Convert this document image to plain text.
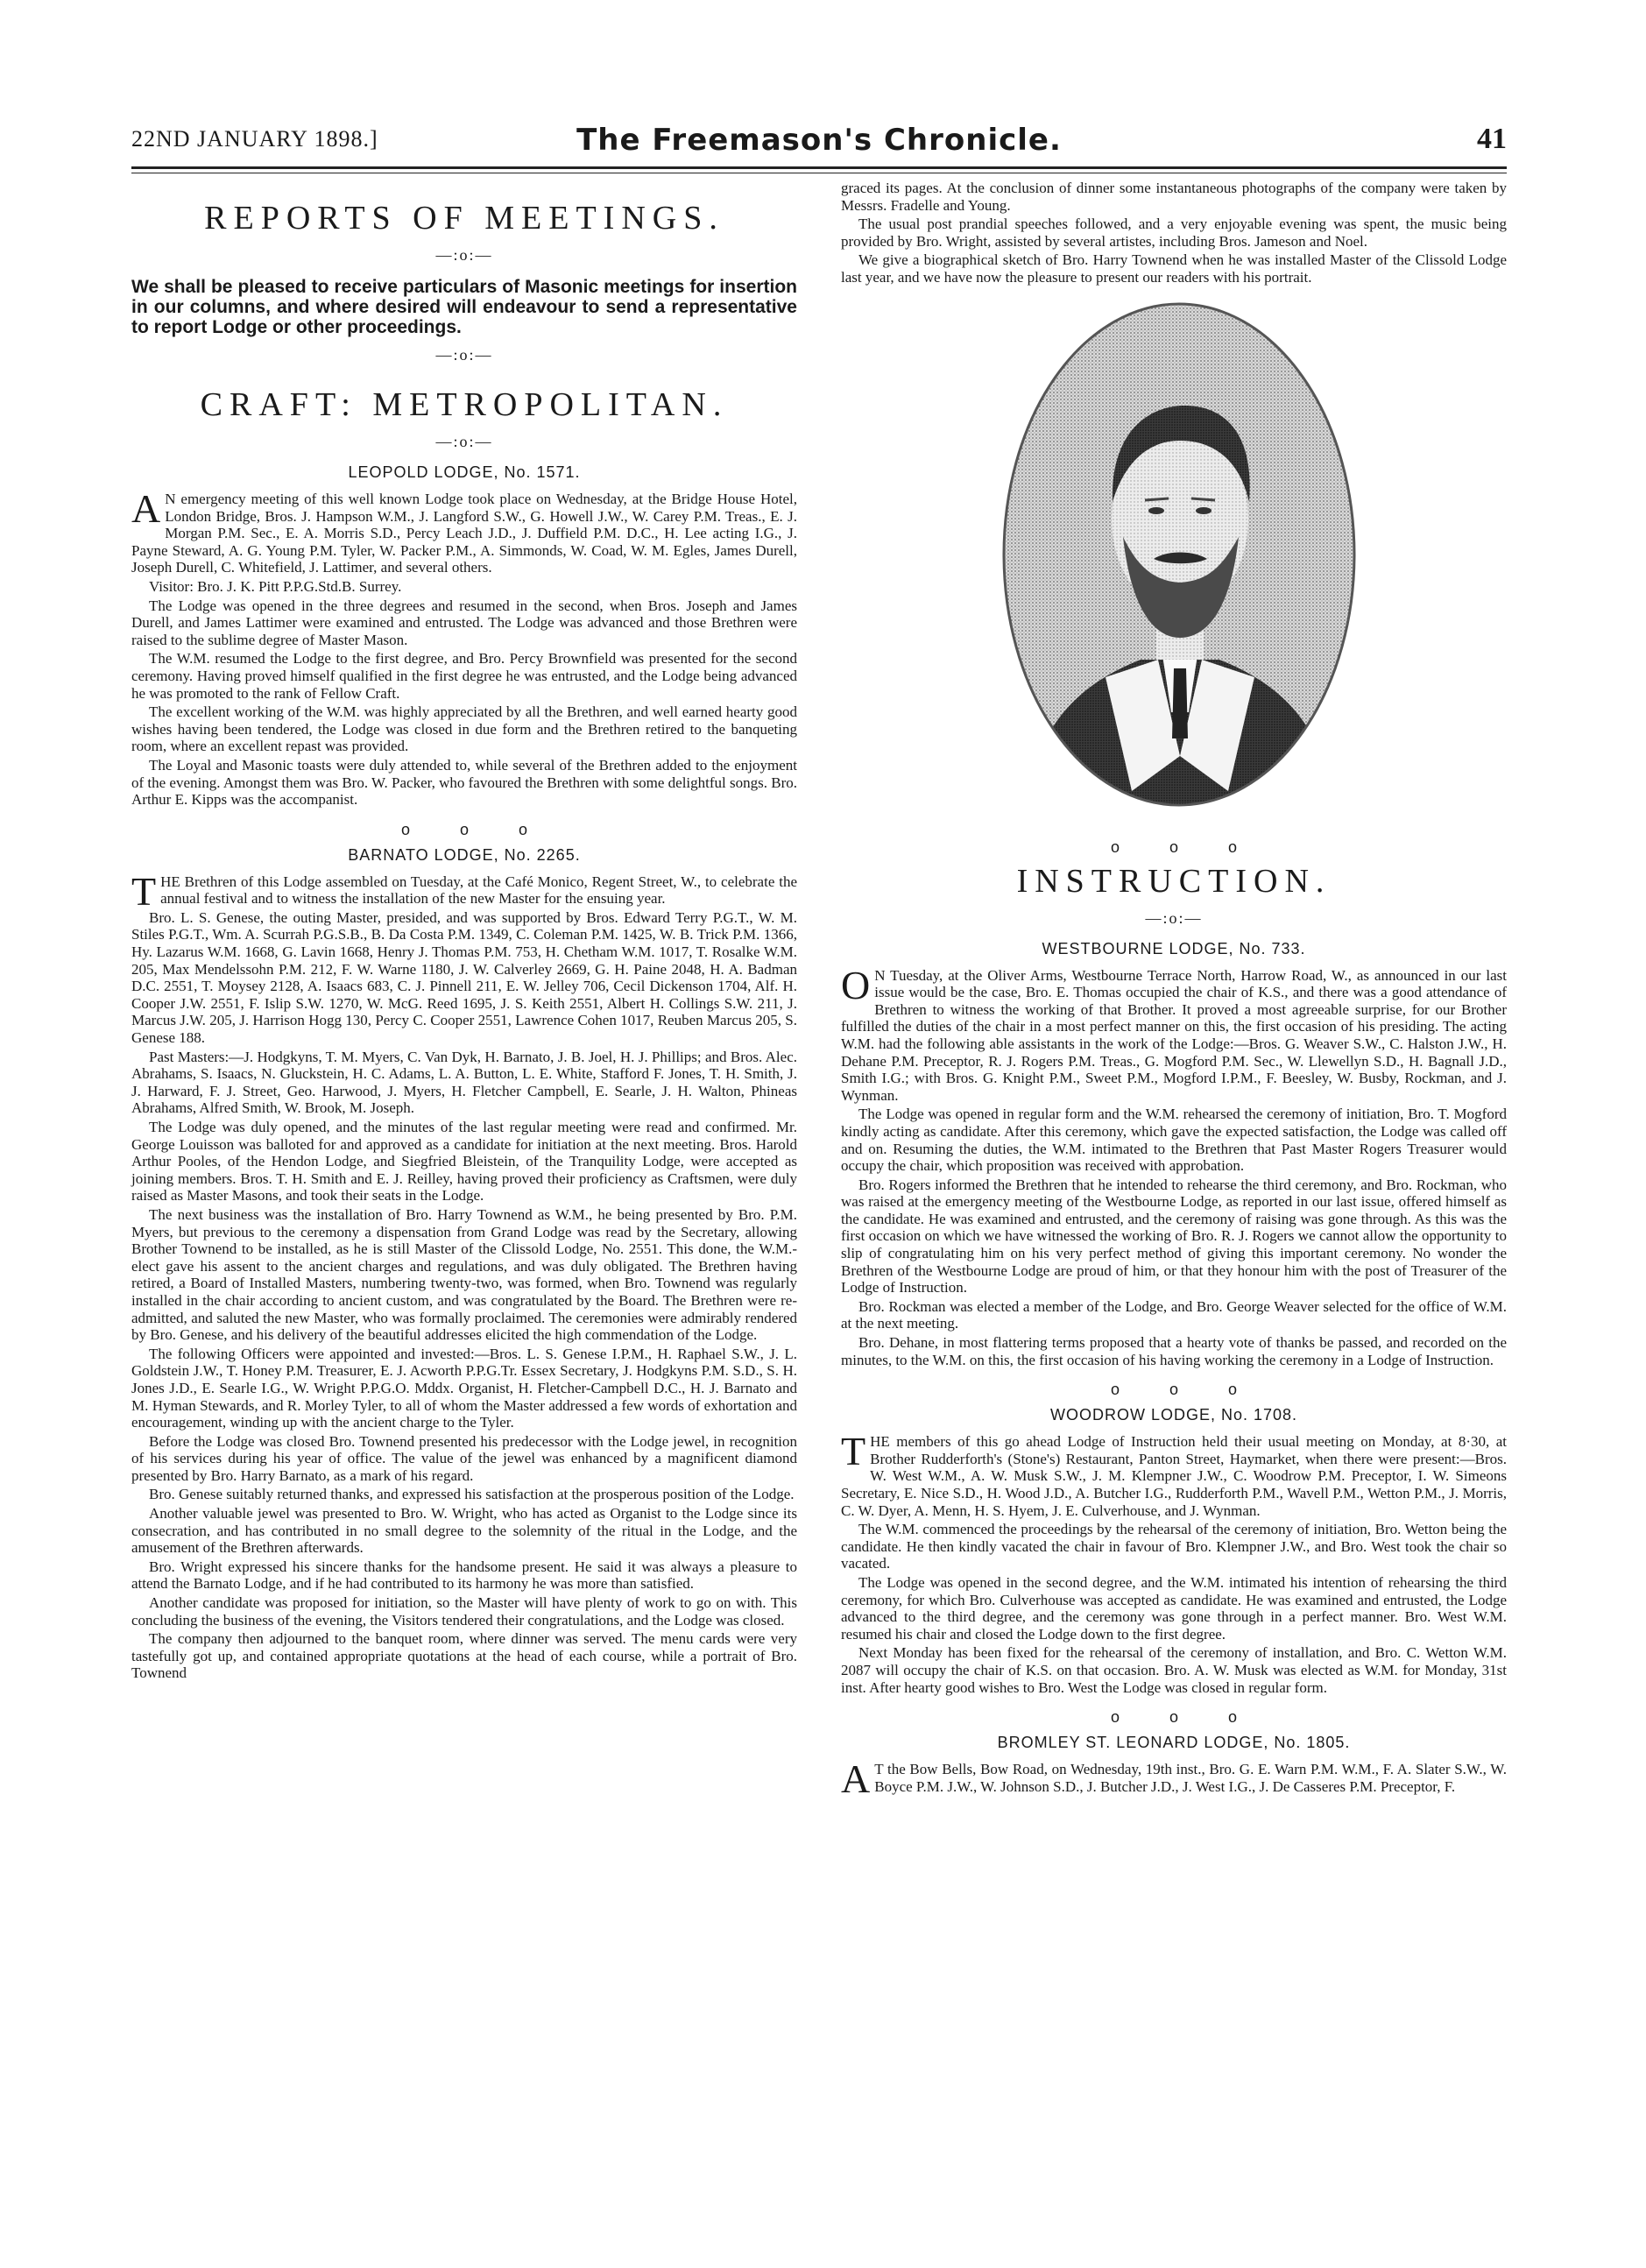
22ND JANUARY 1898.]	The Freemason's Chronicle.	41
REPORTS OF MEETINGS.
—:o:—
We shall be pleased to receive particulars of Masonic meetings for insertion in our columns, and where desired will endeavour to send a representative to report Lodge or other proceedings.
—:o:—
CRAFT: METROPOLITAN.
—:o:—
LEOPOLD LODGE, No. 1571.

A N emergency meeting of this well known Lodge took place on Wednesday, at the Bridge House Hotel, London Bridge, Bros. J. Hampson W.M., J. Langford S.W., G. Howell J.W., W. Carey P.M. Treas., E. J. Morgan P.M. Sec., E. A. Morris S.D., Percy Leach J.D., J. Duffield P.M. D.C., H. Lee acting I.G., J. Payne Steward, A. G. Young P.M. Tyler, W. Packer P.M., A. Simmonds, W. Coad, W. M. Egles, James Durell, Joseph Durell, C. Whitefield, J. Lattimer, and several others.

Visitor: Bro. J. K. Pitt P.P.G.Std.B. Surrey.

The Lodge was opened in the three degrees and resumed in the second, when Bros. Joseph and James Durell, and James Lattimer were examined and entrusted. The Lodge was advanced and those Brethren were raised to the sublime degree of Master Mason.

The W.M. resumed the Lodge to the first degree, and Bro. Percy Brownfield was presented for the second ceremony. Having proved himself qualified in the first degree he was entrusted, and the Lodge being advanced he was promoted to the rank of Fellow Craft.

The excellent working of the W.M. was highly appreciated by all the Brethren, and well earned hearty good wishes having been tendered, the Lodge was closed in due form and the Brethren retired to the banqueting room, where an excellent repast was provided.

The Loyal and Masonic toasts were duly attended to, while several of the Brethren added to the enjoyment of the evening. Amongst them was Bro. W. Packer, who favoured the Brethren with some delightful songs. Bro. Arthur E. Kipps was the accompanist.

o o o
BARNATO LODGE, No. 2265.

THE Brethren of this Lodge assembled on Tuesday, at the Café Monico, Regent Street, W., to celebrate the annual festival and to witness the installation of the new Master for the ensuing year.

Bro. L. S. Genese, the outing Master, presided, and was supported by Bros. Edward Terry P.G.T., W. M. Stiles P.G.T., Wm. A. Scurrah P.G.S.B., B. Da Costa P.M. 1349, C. Coleman P.M. 1425, W. B. Trick P.M. 1366, Hy. Lazarus W.M. 1668, G. Lavin 1668, Henry J. Thomas P.M. 753, H. Chetham W.M. 1017, T. Rosalke W.M. 205, Max Mendelssohn P.M. 212, F. W. Warne 1180, J. W. Calverley 2669, G. H. Paine 2048, H. A. Badman D.C. 2551, T. Moysey 2128, A. Isaacs 683, C. J. Pinnell 211, E. W. Jelley 706, Cecil Dickenson 1704, Alf. H. Cooper J.W. 2551, F. Islip S.W. 1270, W. McG. Reed 1695, J. S. Keith 2551, Albert H. Collings S.W. 211, J. Marcus J.W. 205, J. Harrison Hogg 130, Percy C. Cooper 2551, Lawrence Cohen 1017, Reuben Marcus 205, S. Genese 188.

Past Masters:—J. Hodgkyns, T. M. Myers, C. Van Dyk, H. Barnato, J. B. Joel, H. J. Phillips; and Bros. Alec. Abrahams, S. Isaacs, N. Gluckstein, H. C. Adams, L. A. Button, L. E. White, Stafford F. Jones, T. H. Smith, J. J. Harward, F. J. Street, Geo. Harwood, J. Myers, H. Fletcher Campbell, E. Searle, J. H. Walton, Phineas Abrahams, Alfred Smith, W. Brook, M. Joseph.

The Lodge was duly opened, and the minutes of the last regular meeting were read and confirmed. Mr. George Louisson was balloted for and approved as a candidate for initiation at the next meeting. Bros. Harold Arthur Pooles, of the Hendon Lodge, and Siegfried Bleistein, of the Tranquility Lodge, were accepted as joining members. Bros. T. H. Smith and E. J. Reilley, having proved their proficiency as Craftsmen, were duly raised as Master Masons, and took their seats in the Lodge.

The next business was the installation of Bro. Harry Townend as W.M., he being presented by Bro. P.M. Myers, but previous to the ceremony a dispensation from Grand Lodge was read by the Secretary, allowing Brother Townend to be installed, as he is still Master of the Clissold Lodge, No. 2551. This done, the W.M.-elect gave his assent to the ancient charges and regulations, and was duly obligated. The Brethren having retired, a Board of Installed Masters, numbering twenty-two, was formed, when Bro. Townend was regularly installed in the chair according to ancient custom, and was congratulated by the Board. The Brethren were re-admitted, and saluted the new Master, who was formally proclaimed. The ceremonies were admirably rendered by Bro. Genese, and his delivery of the beautiful addresses elicited the high commendation of the Lodge.

The following Officers were appointed and invested:—Bros. L. S. Genese I.P.M., H. Raphael S.W., J. L. Goldstein J.W., T. Honey P.M. Treasurer, E. J. Acworth P.P.G.Tr. Essex Secretary, J. Hodgkyns P.M. S.D., S. H. Jones J.D., E. Searle I.G., W. Wright P.P.G.O. Mddx. Organist, H. Fletcher-Campbell D.C., H. J. Barnato and M. Hyman Stewards, and R. Morley Tyler, to all of whom the Master addressed a few words of exhortation and encouragement, winding up with the ancient charge to the Tyler.

Before the Lodge was closed Bro. Townend presented his predecessor with the Lodge jewel, in recognition of his services during his year of office. The value of the jewel was enhanced by a magnificent diamond presented by Bro. Harry Barnato, as a mark of his regard.

Bro. Genese suitably returned thanks, and expressed his satisfaction at the prosperous position of the Lodge.

Another valuable jewel was presented to Bro. W. Wright, who has acted as Organist to the Lodge since its consecration, and has contributed in no small degree to the solemnity of the ritual in the Lodge, and the amusement of the Brethren afterwards.

Bro. Wright expressed his sincere thanks for the handsome present. He said it was always a pleasure to attend the Barnato Lodge, and if he had contributed to its harmony he was more than satisfied.

Another candidate was proposed for initiation, so the Master will have plenty of work to go on with. This concluding the business of the evening, the Visitors tendered their congratulations, and the Lodge was closed.

The company then adjourned to the banquet room, where dinner was served. The menu cards were very tastefully got up, and contained appropriate quotations at the head of each course, while a portrait of Bro. Townend

graced its pages. At the conclusion of dinner some instantaneous photographs of the company were taken by Messrs. Fradelle and Young.

The usual post prandial speeches followed, and a very enjoyable evening was spent, the music being provided by Bro. Wright, assisted by several artistes, including Bros. Jameson and Noel.

We give a biographical sketch of Bro. Harry Townend when he was installed Master of the Clissold Lodge last year, and we have now the pleasure to present our readers with his portrait.

o o o
INSTRUCTION.
—:o:—
WESTBOURNE LODGE, No. 733.

O N Tuesday, at the Oliver Arms, Westbourne Terrace North, Harrow Road, W., as announced in our last issue would be the case, Bro. E. Thomas occupied the chair of K.S., and there was a good attendance of Brethren to witness the working of that Brother. It proved a most agreeable surprise, for our Brother fulfilled the duties of the chair in a most perfect manner on this, the first occasion of his presiding. The acting W.M. had the following able assistants in the work of the Lodge:—Bros. G. Weaver S.W., C. Halston J.W., H. Dehane P.M. Preceptor, R. J. Rogers P.M. Treas., G. Mogford P.M. Sec., W. Llewellyn S.D., H. Bagnall J.D., Smith I.G.; with Bros. G. Knight P.M., Sweet P.M., Mogford I.P.M., F. Beesley, W. Busby, Rockman, and J. Wynman.

The Lodge was opened in regular form and the W.M. rehearsed the ceremony of initiation, Bro. T. Mogford kindly acting as candidate. After this ceremony, which gave the expected satisfaction, the Lodge was called off and on. Resuming the duties, the W.M. intimated to the Brethren that Past Master Rogers Treasurer would occupy the chair, which proposition was received with approbation.

Bro. Rogers informed the Brethren that he intended to rehearse the third ceremony, and Bro. Rockman, who was raised at the emergency meeting of the Westbourne Lodge, as reported in our last issue, offered himself as the candidate. He was examined and entrusted, and the ceremony of raising was gone through. As this was the first occasion on which we have witnessed the working of Bro. R. J. Rogers we cannot allow the opportunity to slip of congratulating him on his very perfect method of giving this important ceremony. No wonder the Brethren of the Westbourne Lodge are proud of him, or that they honour him with the post of Treasurer of the Lodge of Instruction.

Bro. Rockman was elected a member of the Lodge, and Bro. George Weaver selected for the office of W.M. at the next meeting.

Bro. Dehane, in most flattering terms proposed that a hearty vote of thanks be passed, and recorded on the minutes, to the W.M. on this, the first occasion of his having working the ceremony in a Lodge of Instruction.

o o o
WOODROW LODGE, No. 1708.

THE members of this go ahead Lodge of Instruction held their usual meeting on Monday, at 8·30, at Brother Rudderforth's (Stone's) Restaurant, Panton Street, Haymarket, when there were present:—Bros. W. West W.M., A. W. Musk S.W., J. M. Klempner J.W., C. Woodrow P.M. Preceptor, I. W. Simeons Secretary, E. Nice S.D., H. Wood J.D., A. Butcher I.G., Rudderforth P.M., Wavell P.M., Wetton P.M., J. Morris, C. W. Dyer, A. Menn, H. S. Hyem, J. E. Culverhouse, and J. Wynman.

The W.M. commenced the proceedings by the rehearsal of the ceremony of initiation, Bro. Wetton being the candidate. He then kindly vacated the chair in favour of Bro. Klempner J.W., and Bro. West took the chair so vacated.

The Lodge was opened in the second degree, and the W.M. intimated his intention of rehearsing the third ceremony, for which Bro. Culverhouse was accepted as candidate. He was examined and entrusted, the Lodge advanced to the third degree, and the ceremony was gone through in a perfect manner. Bro. West W.M. resumed his chair and closed the Lodge down to the first degree.

Next Monday has been fixed for the rehearsal of the ceremony of installation, and Bro. C. Wetton W.M. 2087 will occupy the chair of K.S. on that occasion. Bro. A. W. Musk was elected as W.M. for Monday, 31st inst. After hearty good wishes to Bro. West the Lodge was closed in regular form.

o o o
BROMLEY ST. LEONARD LODGE, No. 1805.

A T the Bow Bells, Bow Road, on Wednesday, 19th inst., Bro. G. E. Warn P.M. W.M., F. A. Slater S.W., W. Boyce P.M. J.W., W. Johnson S.D., J. Butcher J.D., J. West I.G., J. De Casseres P.M. Preceptor, F.
